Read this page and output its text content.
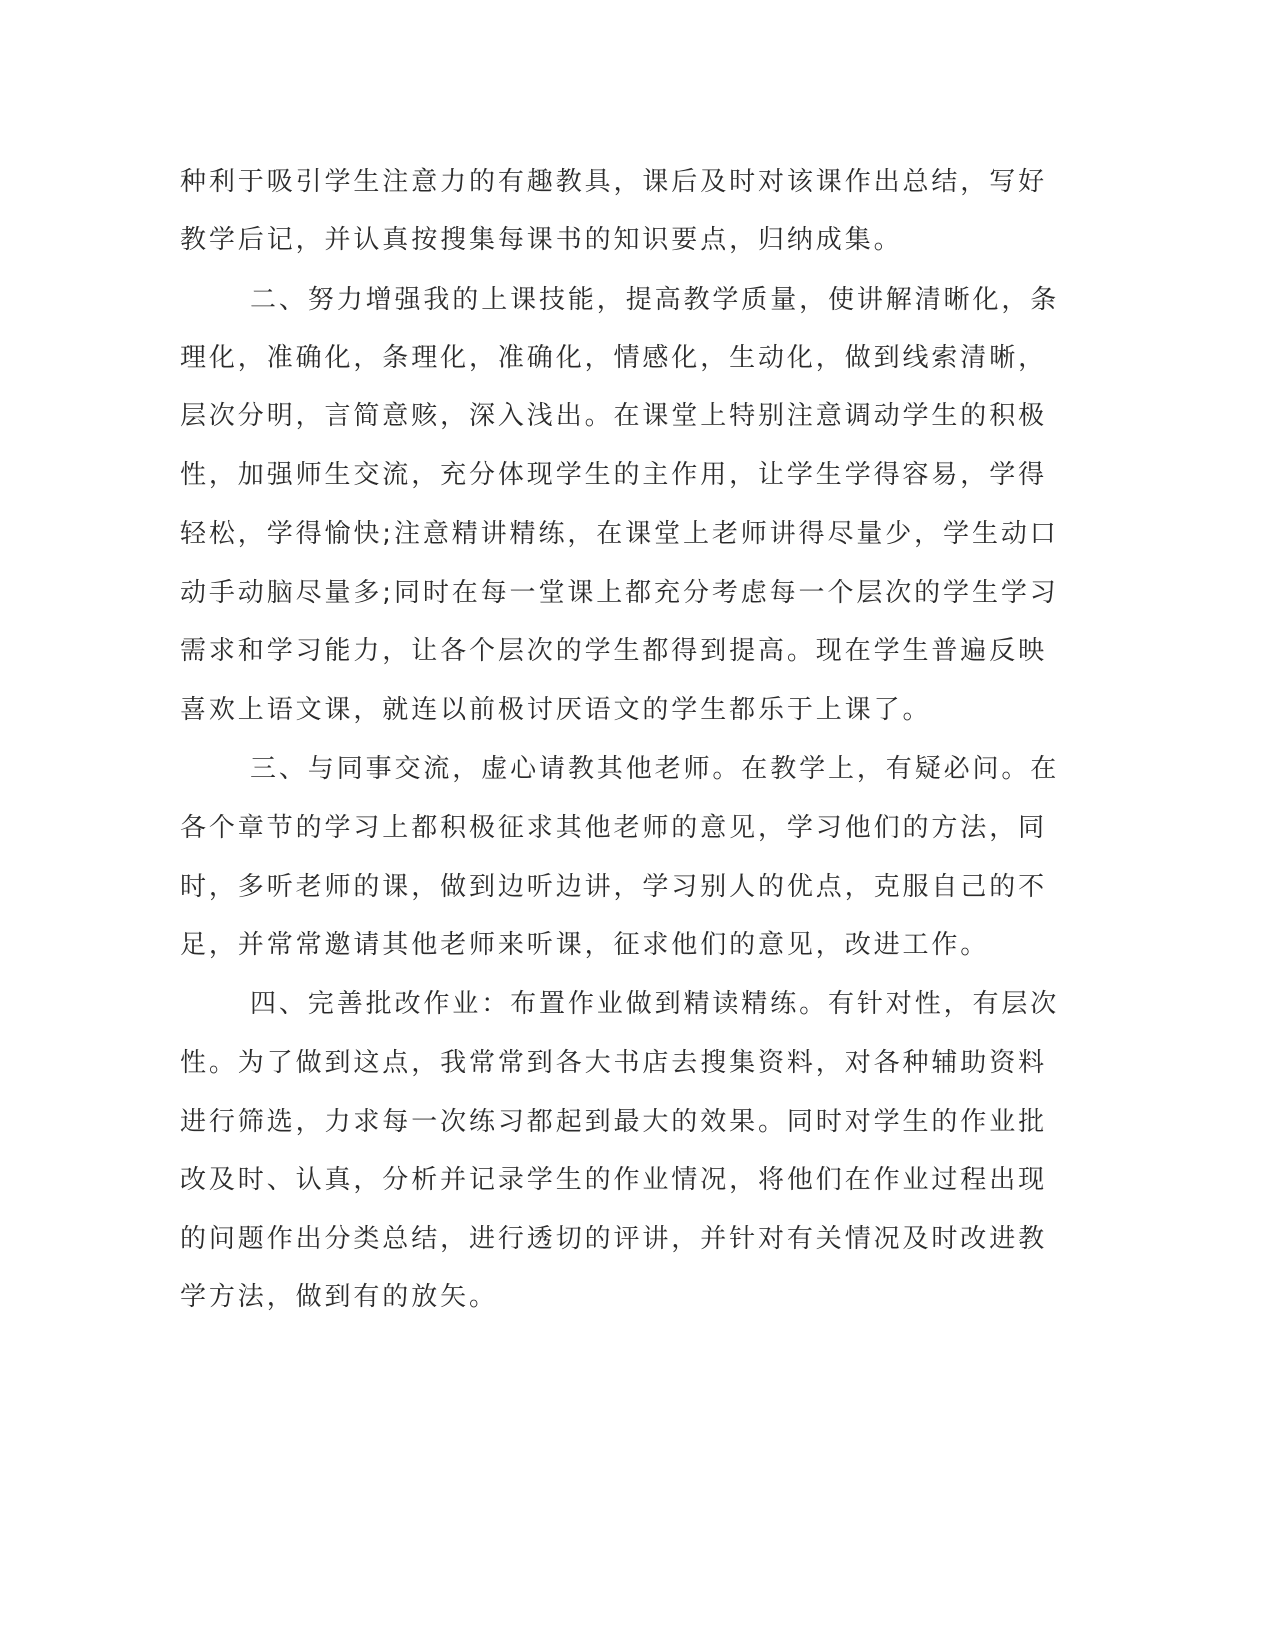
种利于吸引学生注意力的有趣教具，课后及时对该课作出总结，写好

教学后记，并认真按搜集每课书的知识要点，归纳成集。

二、努力增强我的上课技能，提高教学质量，使讲解清晰化，条

理化，准确化，条理化，准确化，情感化，生动化，做到线索清晰，

层次分明，言简意赅，深入浅出。在课堂上特别注意调动学生的积极

性，加强师生交流，充分体现学生的主作用，让学生学得容易，学得

轻松，学得愉快;注意精讲精练，在课堂上老师讲得尽量少，学生动口

动手动脑尽量多;同时在每一堂课上都充分考虑每一个层次的学生学习

需求和学习能力，让各个层次的学生都得到提高。现在学生普遍反映

喜欢上语文课，就连以前极讨厌语文的学生都乐于上课了。

三、与同事交流，虚心请教其他老师。在教学上，有疑必问。在

各个章节的学习上都积极征求其他老师的意见，学习他们的方法，同

时，多听老师的课，做到边听边讲，学习别人的优点，克服自己的不

足，并常常邀请其他老师来听课，征求他们的意见，改进工作。

四、完善批改作业：布置作业做到精读精练。有针对性，有层次

性。为了做到这点，我常常到各大书店去搜集资料，对各种辅助资料

进行筛选，力求每一次练习都起到最大的效果。同时对学生的作业批

改及时、认真，分析并记录学生的作业情况，将他们在作业过程出现

的问题作出分类总结，进行透切的评讲，并针对有关情况及时改进教

学方法，做到有的放矢。
